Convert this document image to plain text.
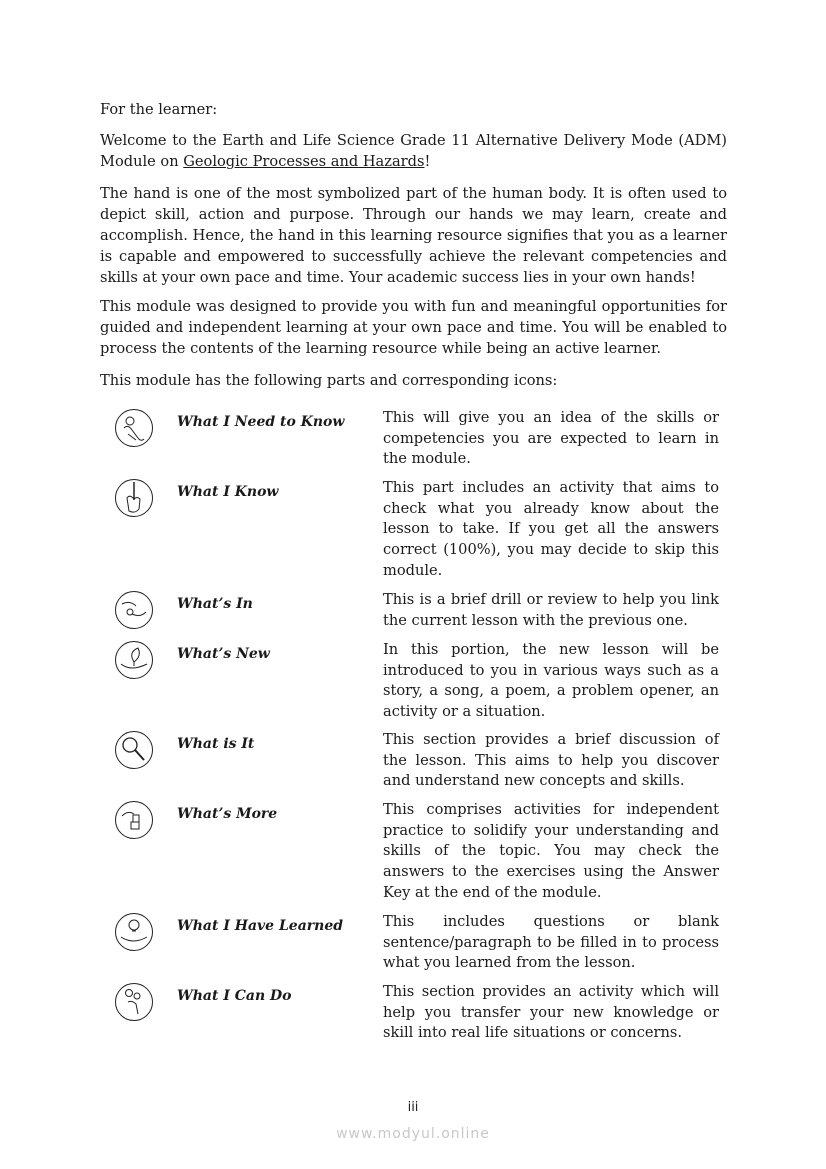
For the learner:

Welcome to the Earth and Life Science Grade 11 Alternative Delivery Mode (ADM) Module on Geologic Processes and Hazards!

The hand is one of the most symbolized part of the human body. It is often used to depict skill, action and purpose. Through our hands we may learn, create and accomplish. Hence, the hand in this learning resource signifies that you as a learner is capable and empowered to successfully achieve the relevant competencies and skills at your own pace and time. Your academic success lies in your own hands!

This module was designed to provide you with fun and meaningful opportunities for guided and independent learning at your own pace and time. You will be enabled to process the contents of the learning resource while being an active learner.

This module has the following parts and corresponding icons:

What I Need to Know	This will give you an idea of the skills or competencies you are expected to learn in the module.

What I Know	This part includes an activity that aims to check what you already know about the lesson to take. If you get all the answers correct (100%), you may decide to skip this module.

What’s In	This is a brief drill or review to help you link the current lesson with the previous one.

What’s New	In this portion, the new lesson will be introduced to you in various ways such as a story, a song, a poem, a problem opener, an activity or a situation.

What is It	This section provides a brief discussion of the lesson. This aims to help you discover and understand new concepts and skills.

What’s More	This comprises activities for independent practice to solidify your understanding and skills of the topic. You may check the answers to the exercises using the Answer Key at the end of the module.

What I Have Learned	This includes questions or blank sentence/paragraph to be filled in to process what you learned from the lesson.

What I Can Do	This section provides an activity which will help you transfer your new knowledge or skill into real life situations or concerns.

iii
www.modyul.online
